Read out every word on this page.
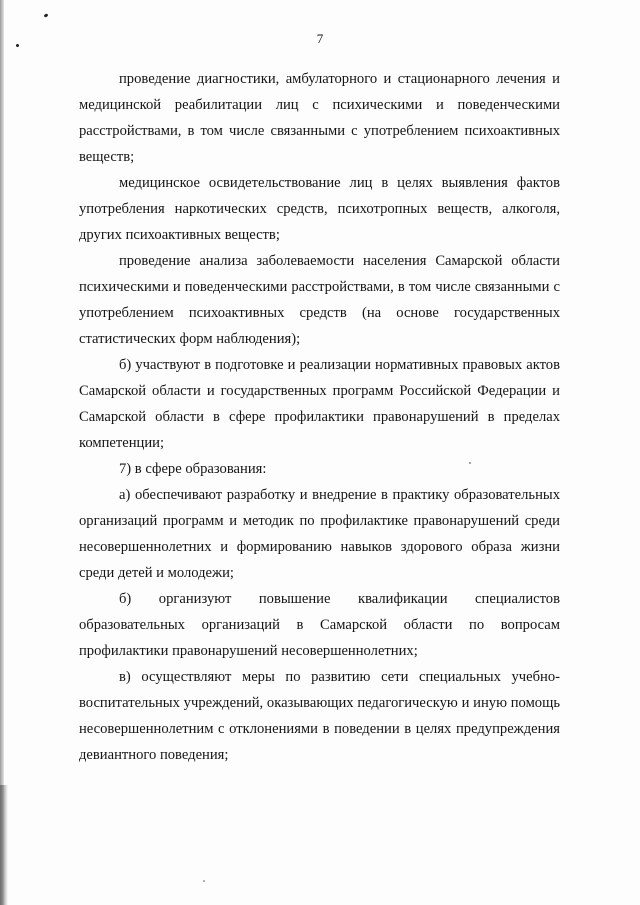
7

проведение диагностики, амбулаторного и стационарного лечения и медицинской реабилитации лиц с психическими и поведенческими расстройствами, в том числе связанными с употреблением психоактивных веществ;

медицинское освидетельствование лиц в целях выявления фактов употребления наркотических средств, психотропных веществ, алкоголя, других психоактивных веществ;

проведение анализа заболеваемости населения Самарской области психическими и поведенческими расстройствами, в том числе связанными с употреблением психоактивных средств (на основе государственных статистических форм наблюдения);

б) участвуют в подготовке и реализации нормативных правовых актов Самарской области и государственных программ Российской Федерации и Самарской области в сфере профилактики правонарушений в пределах компетенции;

7) в сфере образования:

а) обеспечивают разработку и внедрение в практику образовательных организаций программ и методик по профилактике правонарушений среди несовершеннолетних и формированию навыков здорового образа жизни среди детей и молодежи;

б) организуют повышение квалификации специалистов образовательных организаций в Самарской области по вопросам профилактики правонарушений несовершеннолетних;

в) осуществляют меры по развитию сети специальных учебно-воспитательных учреждений, оказывающих педагогическую и иную помощь несовершеннолетним с отклонениями в поведении в целях предупреждения девиантного поведения;
